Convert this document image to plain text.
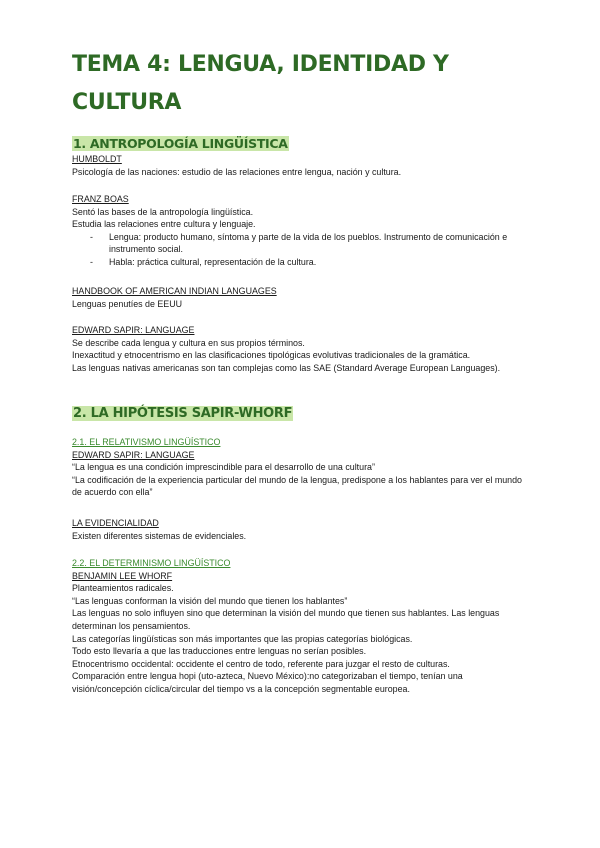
TEMA 4: LENGUA, IDENTIDAD Y CULTURA
1. ANTROPOLOGÍA LINGÜÍSTICA

HUMBOLDT

Psicología de las naciones: estudio de las relaciones entre lengua, nación y cultura.

FRANZ BOAS

Sentó las bases de la antropología lingüística.

Estudia las relaciones entre cultura y lenguaje.

- Lengua: producto humano, síntoma y parte de la vida de los pueblos. Instrumento de comunicación e instrumento social.
- Habla: práctica cultural, representación de la cultura.

HANDBOOK OF AMERICAN INDIAN LANGUAGES

Lenguas penutíes de EEUU

EDWARD SAPIR: LANGUAGE

Se describe cada lengua y cultura en sus propios términos.

Inexactitud y etnocentrismo en las clasificaciones tipológicas evolutivas tradicionales de la gramática.

Las lenguas nativas americanas son tan complejas como las SAE (Standard Average European Languages).

2. LA HIPÓTESIS SAPIR-WHORF

2.1. EL RELATIVISMO LINGÜÍSTICO

EDWARD SAPIR: LANGUAGE

“La lengua es una condición imprescindible para el desarrollo de una cultura”

“La codificación de la experiencia particular del mundo de la lengua, predispone a los hablantes para ver el mundo de acuerdo con ella”

LA EVIDENCIALIDAD

Existen diferentes sistemas de evidenciales.

2.2. EL DETERMINISMO LINGÜÍSTICO

BENJAMIN LEE WHORF

Planteamientos radicales.

“Las lenguas conforman la visión del mundo que tienen los hablantes”

Las lenguas no solo influyen sino que determinan la visión del mundo que tienen sus hablantes. Las lenguas determinan los pensamientos.

Las categorías lingüísticas son más importantes que las propias categorías biológicas.

Todo esto llevaría a que las traducciones entre lenguas no serían posibles.

Etnocentrismo occidental: occidente el centro de todo, referente para juzgar el resto de culturas.

Comparación entre lengua hopi (uto-azteca, Nuevo México):no categorizaban el tiempo, tenían una visión/concepción cíclica/circular del tiempo vs a la concepción segmentable europea.
